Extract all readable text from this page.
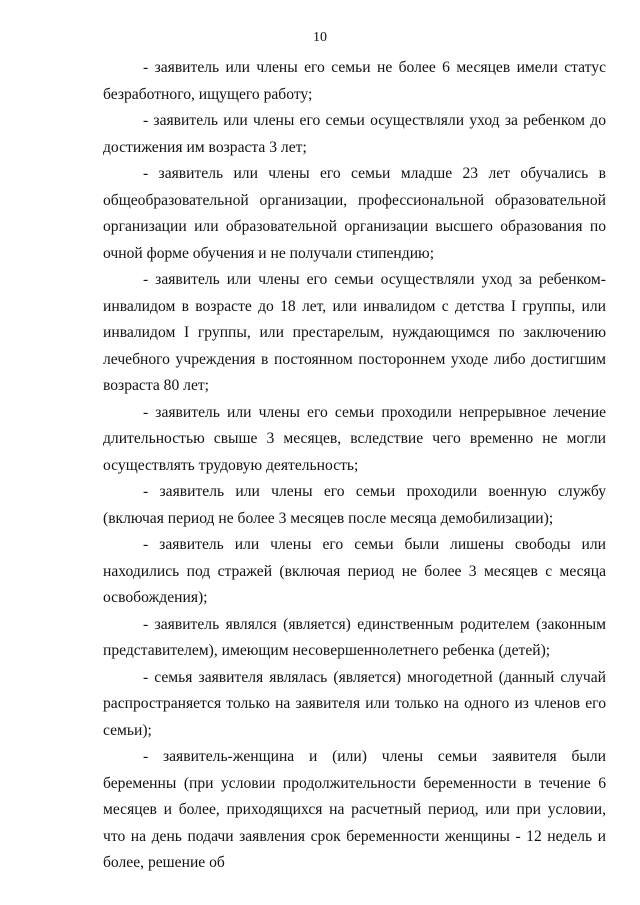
10

- заявитель или члены его семьи не более 6 месяцев имели статус безработного, ищущего работу;

- заявитель или члены его семьи осуществляли уход за ребенком до достижения им возраста 3 лет;

- заявитель или члены его семьи младше 23 лет обучались в общеобразовательной организации, профессиональной образовательной организации или образовательной организации высшего образования по очной форме обучения и не получали стипендию;

- заявитель или члены его семьи осуществляли уход за ребенком-инвалидом в возрасте до 18 лет, или инвалидом с детства I группы, или инвалидом I группы, или престарелым, нуждающимся по заключению лечебного учреждения в постоянном постороннем уходе либо достигшим возраста 80 лет;

- заявитель или члены его семьи проходили непрерывное лечение длительностью свыше 3 месяцев, вследствие чего временно не могли осуществлять трудовую деятельность;

- заявитель или члены его семьи проходили военную службу (включая период не более 3 месяцев после месяца демобилизации);

- заявитель или члены его семьи были лишены свободы или находились под стражей (включая период не более 3 месяцев с месяца освобождения);

- заявитель являлся (является) единственным родителем (законным представителем), имеющим несовершеннолетнего ребенка (детей);

- семья заявителя являлась (является) многодетной (данный случай распространяется только на заявителя или только на одного из членов его семьи);

- заявитель-женщина и (или) члены семьи заявителя были беременны (при условии продолжительности беременности в течение 6 месяцев и более, приходящихся на расчетный период, или при условии, что на день подачи заявления срок беременности женщины - 12 недель и более, решение об
